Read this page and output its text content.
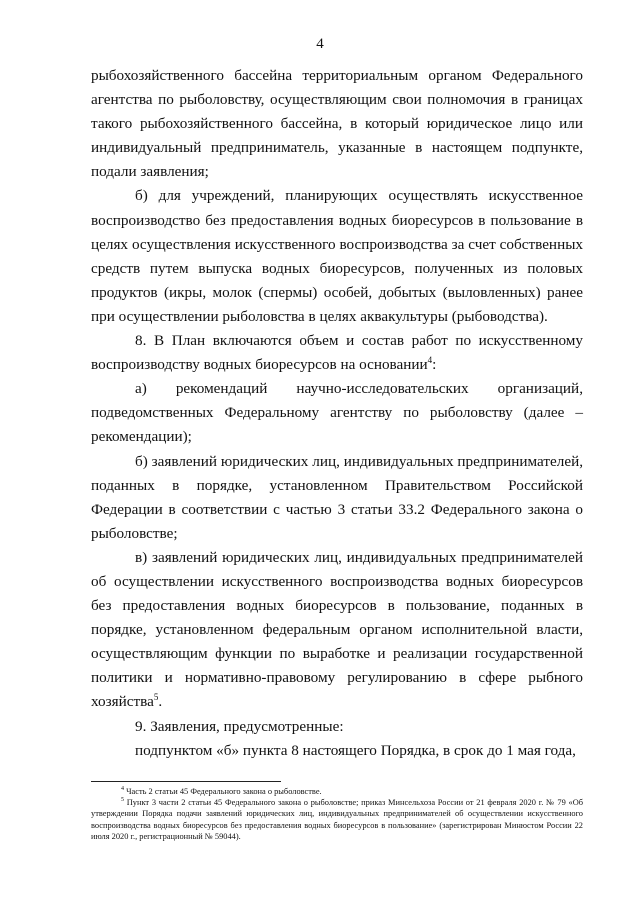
4

рыбохозяйственного бассейна территориальным органом Федерального агентства по рыболовству, осуществляющим свои полномочия в границах такого рыбохозяйственного бассейна, в который юридическое лицо или индивидуальный предприниматель, указанные в настоящем подпункте, подали заявления;

б) для учреждений, планирующих осуществлять искусственное воспроизводство без предоставления водных биоресурсов в пользование в целях осуществления искусственного воспроизводства за счет собственных средств путем выпуска водных биоресурсов, полученных из половых продуктов (икры, молок (спермы) особей, добытых (выловленных) ранее при осуществлении рыболовства в целях аквакультуры (рыбоводства).

8. В План включаются объем и состав работ по искусственному воспроизводству водных биоресурсов на основании$^4$:

а) рекомендаций научно-исследовательских организаций, подведомственных Федеральному агентству по рыболовству (далее – рекомендации);

б) заявлений юридических лиц, индивидуальных предпринимателей, поданных в порядке, установленном Правительством Российской Федерации в соответствии с частью 3 статьи 33.2 Федерального закона о рыболовстве;

в) заявлений юридических лиц, индивидуальных предпринимателей об осуществлении искусственного воспроизводства водных биоресурсов без предоставления водных биоресурсов в пользование, поданных в порядке, установленном федеральным органом исполнительной власти, осуществляющим функции по выработке и реализации государственной политики и нормативно-правовому регулированию в сфере рыбного хозяйства$^5$.

9. Заявления, предусмотренные:

подпунктом «б» пункта 8 настоящего Порядка, в срок до 1 мая года,

$^4$ Часть 2 статьи 45 Федерального закона о рыболовстве.

$^5$ Пункт 3 части 2 статьи 45 Федерального закона о рыболовстве; приказ Минсельхоза России от 21 февраля 2020 г. № 79 «Об утверждении Порядка подачи заявлений юридических лиц, индивидуальных предпринимателей об осуществлении искусственного воспроизводства водных биоресурсов без предоставления водных биоресурсов в пользование» (зарегистрирован Минюстом России 22 июля 2020 г., регистрационный № 59044).
